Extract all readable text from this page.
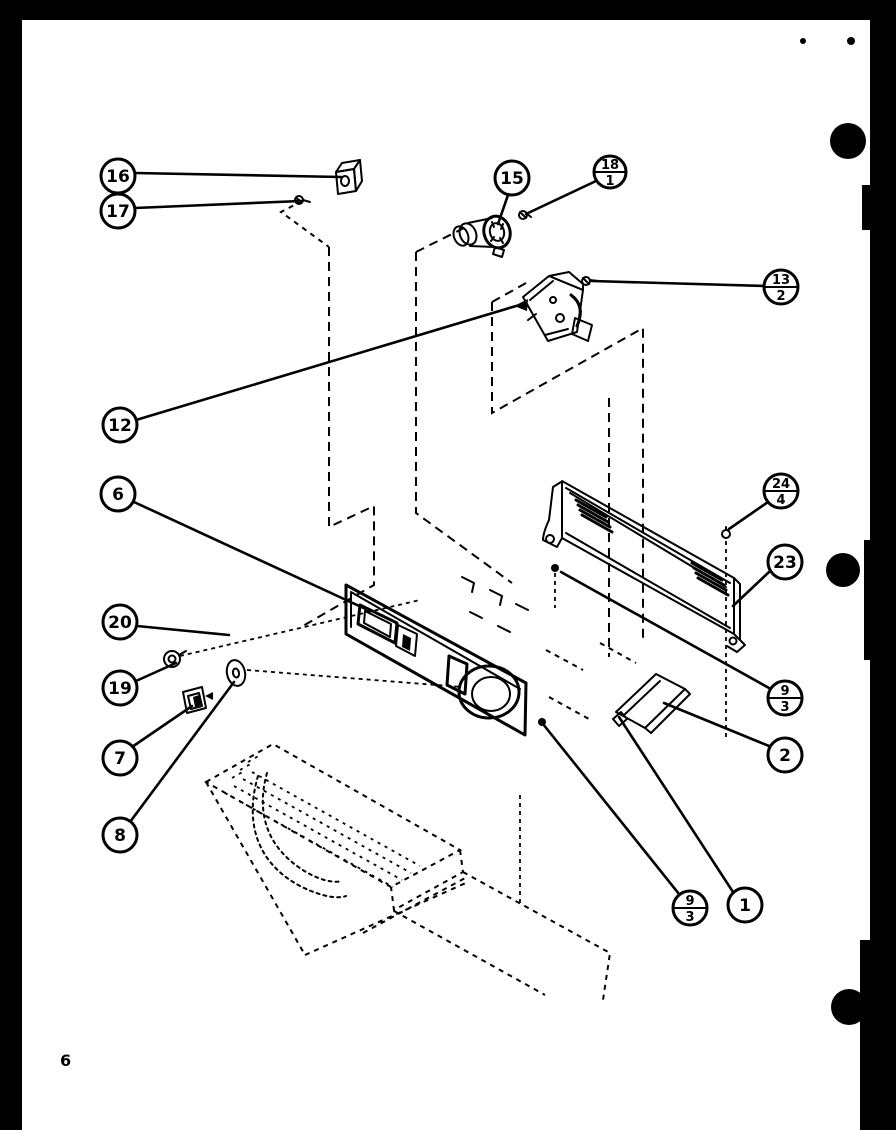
16
17
15
18
1
13
2
12
6
24
4
23
20
19
7
8
9
3
2
9
3
1
6
